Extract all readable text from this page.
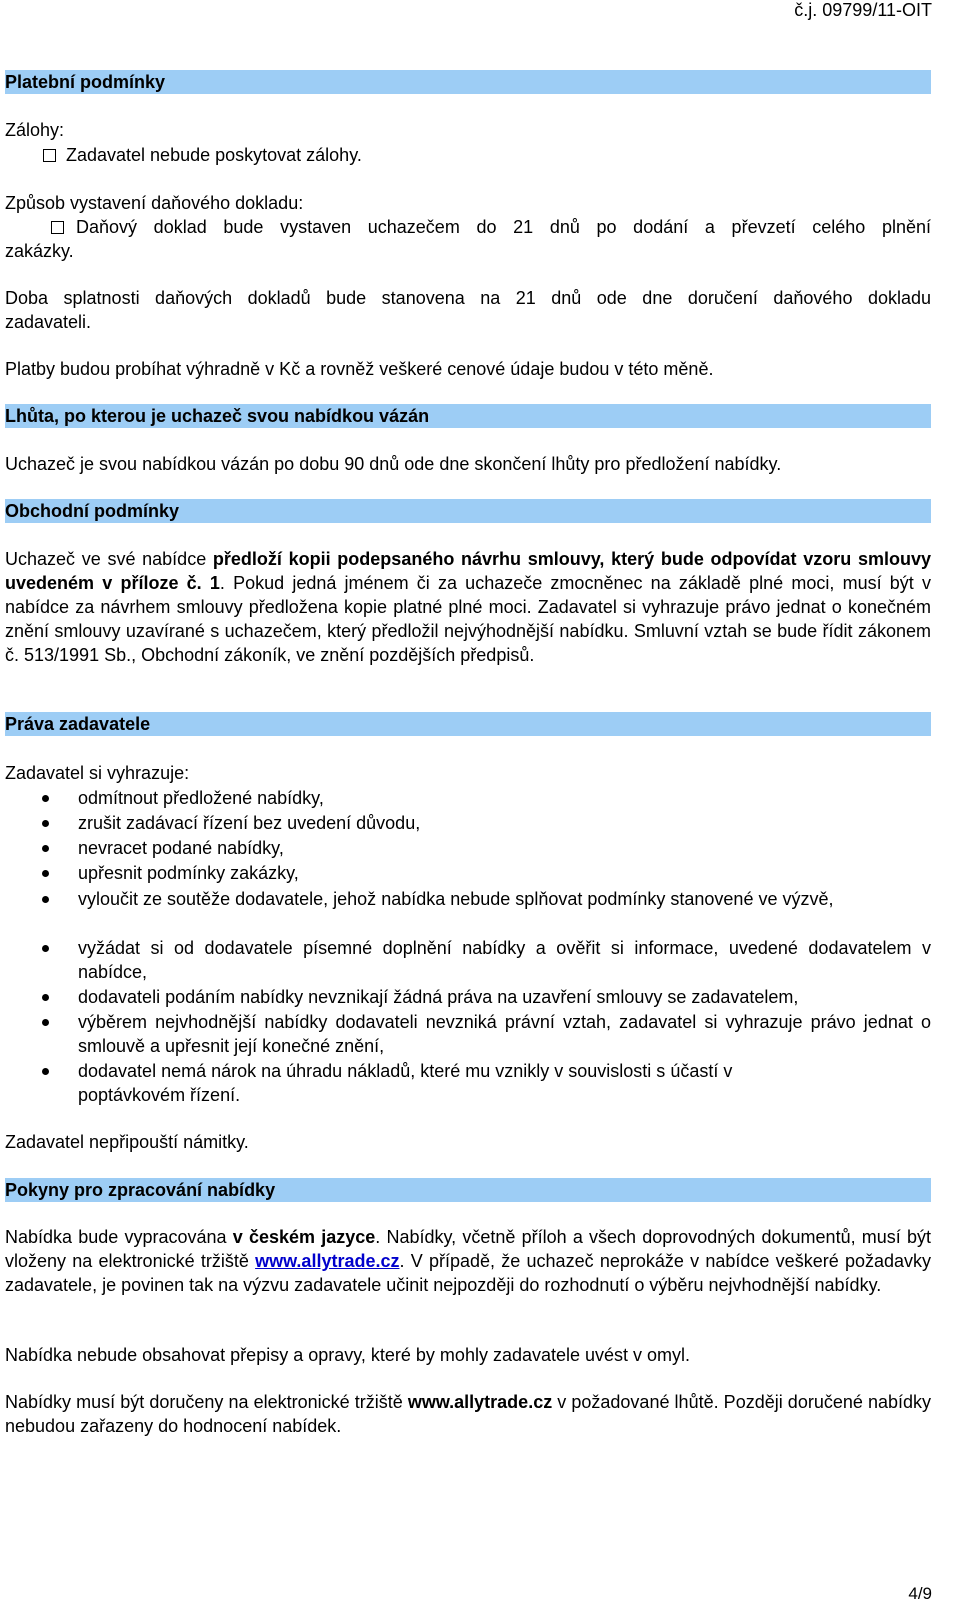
č.j. 09799/11-OIT
Platební podmínky
Zálohy:
Zadavatel nebude poskytovat zálohy.
Způsob vystavení daňového dokladu:
Daňový doklad bude vystaven uchazečem do 21 dnů po dodání a převzetí celého plnění
zakázky.
Doba splatnosti daňových dokladů bude stanovena na 21 dnů ode dne doručení daňového dokladu
zadavateli.
Platby budou probíhat výhradně v Kč a rovněž veškeré cenové údaje budou v této měně.
Lhůta, po kterou je uchazeč svou nabídkou vázán
Uchazeč je svou nabídkou vázán po dobu 90 dnů ode dne skončení lhůty pro předložení nabídky.
Obchodní podmínky
Uchazeč ve své nabídce předloží kopii podepsaného návrhu smlouvy, který bude odpovídat vzoru smlouvy uvedeném v příloze č. 1. Pokud jedná jménem či za uchazeče zmocněnec na základě plné moci, musí být v nabídce za návrhem smlouvy předložena kopie platné plné moci. Zadavatel si vyhrazuje právo jednat o konečném znění smlouvy uzavírané s uchazečem, který předložil nejvýhodnější nabídku. Smluvní vztah se bude řídit zákonem č. 513/1991 Sb., Obchodní zákoník, ve znění pozdějších předpisů.
Práva zadavatele
Zadavatel si vyhrazuje:
odmítnout předložené nabídky,
zrušit zadávací řízení bez uvedení důvodu,
nevracet podané nabídky,
upřesnit podmínky zakázky,
vyloučit ze soutěže dodavatele, jehož nabídka nebude splňovat podmínky stanovené ve výzvě,
vyžádat si od dodavatele písemné doplnění nabídky a ověřit si informace, uvedené dodavatelem v nabídce,
dodavateli podáním nabídky nevznikají žádná práva na uzavření smlouvy se zadavatelem,
výběrem nejvhodnější nabídky dodavateli nevzniká právní vztah, zadavatel si vyhrazuje právo jednat o smlouvě a upřesnit její konečné znění,
dodavatel nemá nárok na úhradu nákladů, které mu vznikly v souvislosti s účastí v poptávkovém řízení.
Zadavatel nepřipouští námitky.
Pokyny pro zpracování nabídky
Nabídka bude vypracována v českém jazyce. Nabídky, včetně příloh a všech doprovodných dokumentů, musí být vloženy na elektronické tržiště www.allytrade.cz. V případě, že uchazeč neprokáže v nabídce veškeré požadavky zadavatele, je povinen tak na výzvu zadavatele učinit nejpozději do rozhodnutí o výběru nejvhodnější nabídky.
Nabídka nebude obsahovat přepisy a opravy, které by mohly zadavatele uvést v omyl.
Nabídky musí být doručeny na elektronické tržiště www.allytrade.cz v požadované lhůtě. Později doručené nabídky nebudou zařazeny do hodnocení nabídek.
4/9
